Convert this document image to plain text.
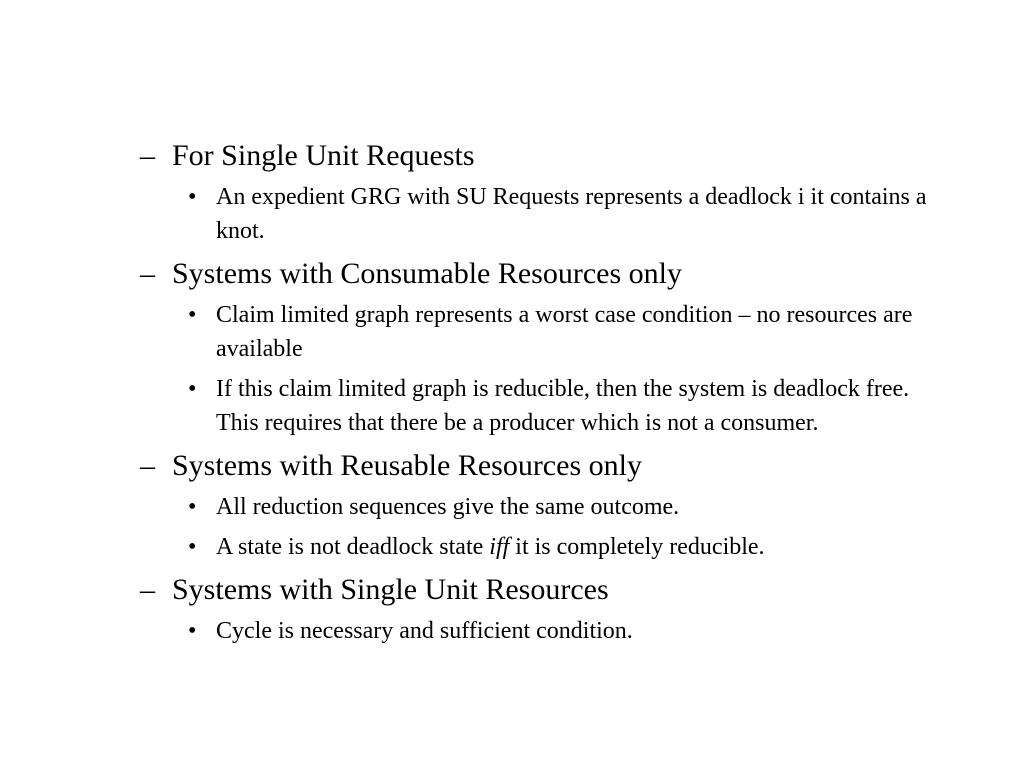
– For Single Unit Requests
• An expedient GRG with SU Requests represents a deadlock i it contains a knot.
– Systems with Consumable Resources only
• Claim limited graph represents a worst case condition – no resources are available
• If this claim limited graph is reducible, then the system is deadlock free. This requires that there be a producer which is not a consumer.
– Systems with Reusable Resources only
• All reduction sequences give the same outcome.
• A state is not deadlock state iff it is completely reducible.
– Systems with Single Unit Resources
• Cycle is necessary and sufficient condition.
